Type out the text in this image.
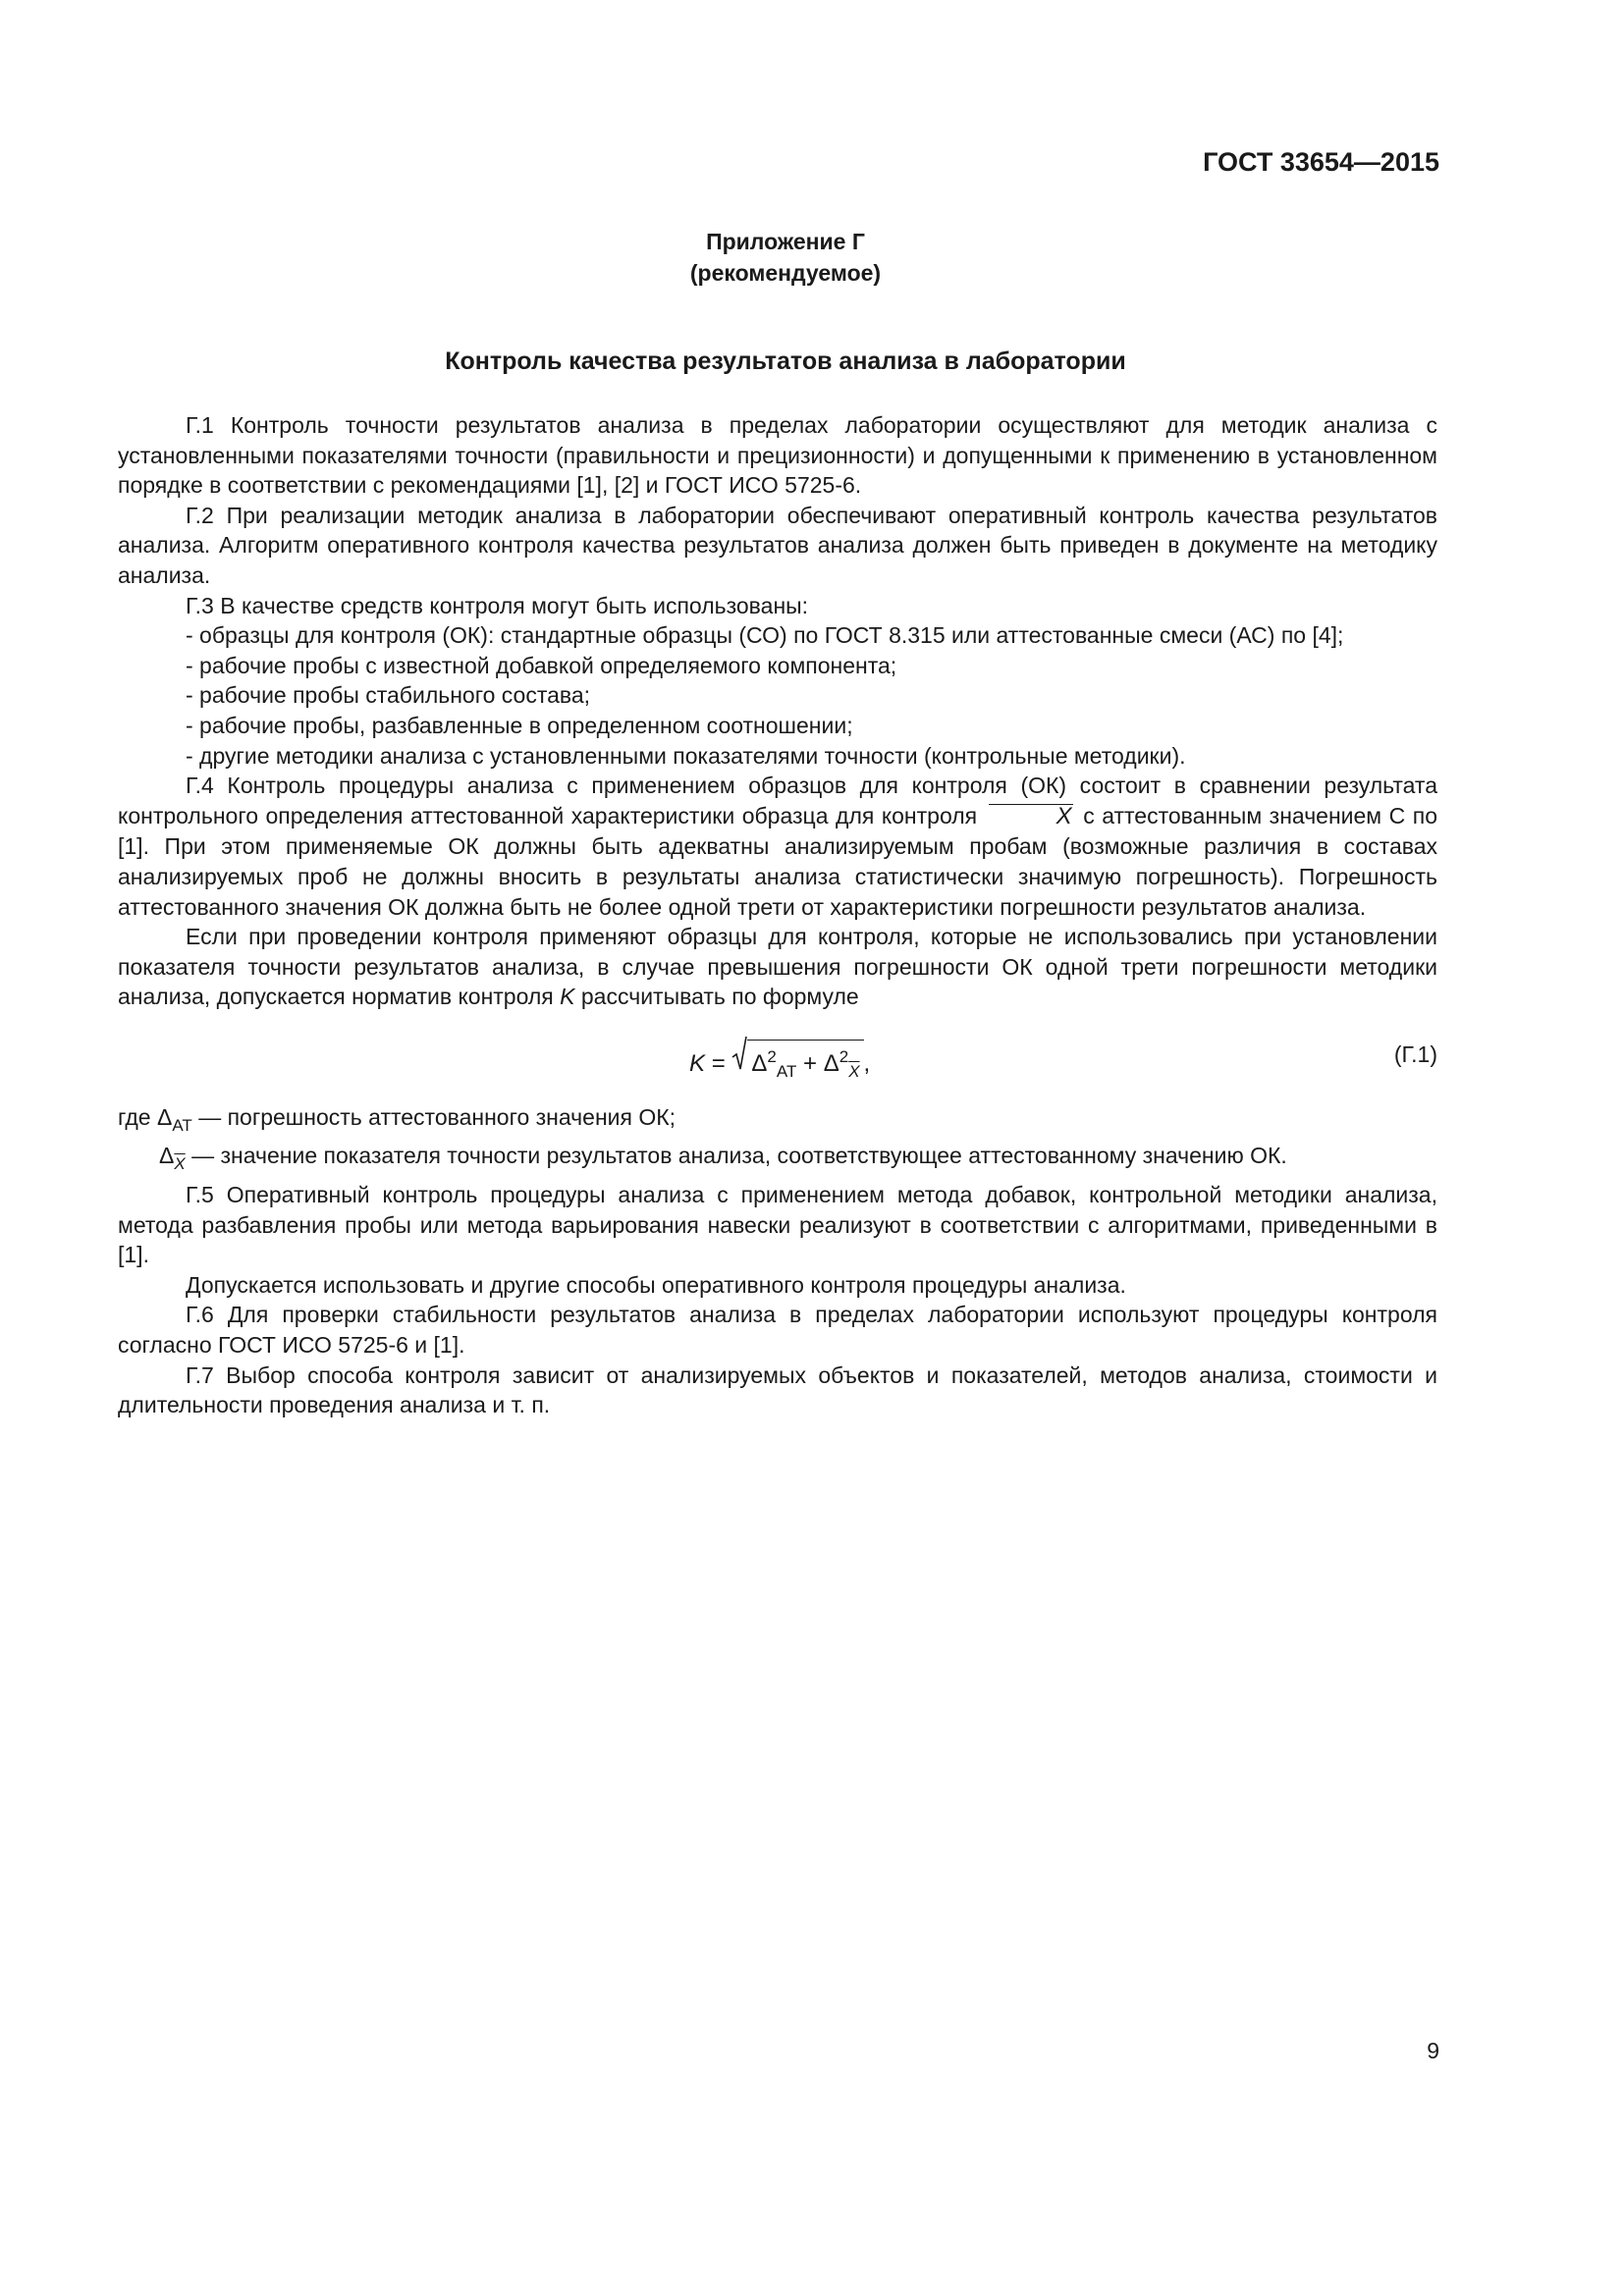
ГОСТ 33654—2015
Приложение Г
(рекомендуемое)
Контроль качества результатов анализа в лаборатории

Г.1 Контроль точности результатов анализа в пределах лаборатории осуществляют для методик анализа с установленными показателями точности (правильности и прецизионности) и допущенными к применению в установленном порядке в соответствии с рекомендациями [1], [2] и ГОСТ ИСО 5725-6.

Г.2 При реализации методик анализа в лаборатории обеспечивают оперативный контроль качества результатов анализа. Алгоритм оперативного контроля качества результатов анализа должен быть приведен в документе на методику анализа.

Г.3 В качестве средств контроля могут быть использованы:

- образцы для контроля (ОК): стандартные образцы (СО) по ГОСТ 8.315 или аттестованные смеси (АС) по [4];

- рабочие пробы с известной добавкой определяемого компонента;

- рабочие пробы стабильного состава;

- рабочие пробы, разбавленные в определенном соотношении;

- другие методики анализа с установленными показателями точности (контрольные методики).

Г.4 Контроль процедуры анализа с применением образцов для контроля (ОК) состоит в сравнении результата контрольного определения аттестованной характеристики образца для контроля	X с аттестованным значением С по [1]. При этом применяемые ОК должны быть адекватны анализируемым пробам (возможные различия в составах анализируемых проб не должны вносить в результаты анализа статистически значимую погрешность). Погрешность аттестованного значения ОК должна быть не более одной трети от характеристики погрешности результатов анализа.

Если при проведении контроля применяют образцы для контроля, которые не использовались при установлении показателя точности результатов анализа, в случае превышения погрешности ОК одной трети погрешности методики анализа, допускается норматив контроля K рассчитывать по формуле

$K = \Delta^2_{AT} + \Delta^2_{\overline{X}}$ ,	(Г.1)

где $\Delta_{AT}$ — погрешность аттестованного значения ОК;

$\Delta_{\overline{X}}$ — значение показателя точности результатов анализа, соответствующее аттестованному значению ОК.

Г.5 Оперативный контроль процедуры анализа с применением метода добавок, контрольной методики анализа, метода разбавления пробы или метода варьирования навески реализуют в соответствии с алгоритмами, приведенными в [1].

Допускается использовать и другие способы оперативного контроля процедуры анализа.

Г.6 Для проверки стабильности результатов анализа в пределах лаборатории используют процедуры контроля согласно ГОСТ ИСО 5725-6 и [1].

Г.7 Выбор способа контроля зависит от анализируемых объектов и показателей, методов анализа, стоимости и длительности проведения анализа и т. п.

9
